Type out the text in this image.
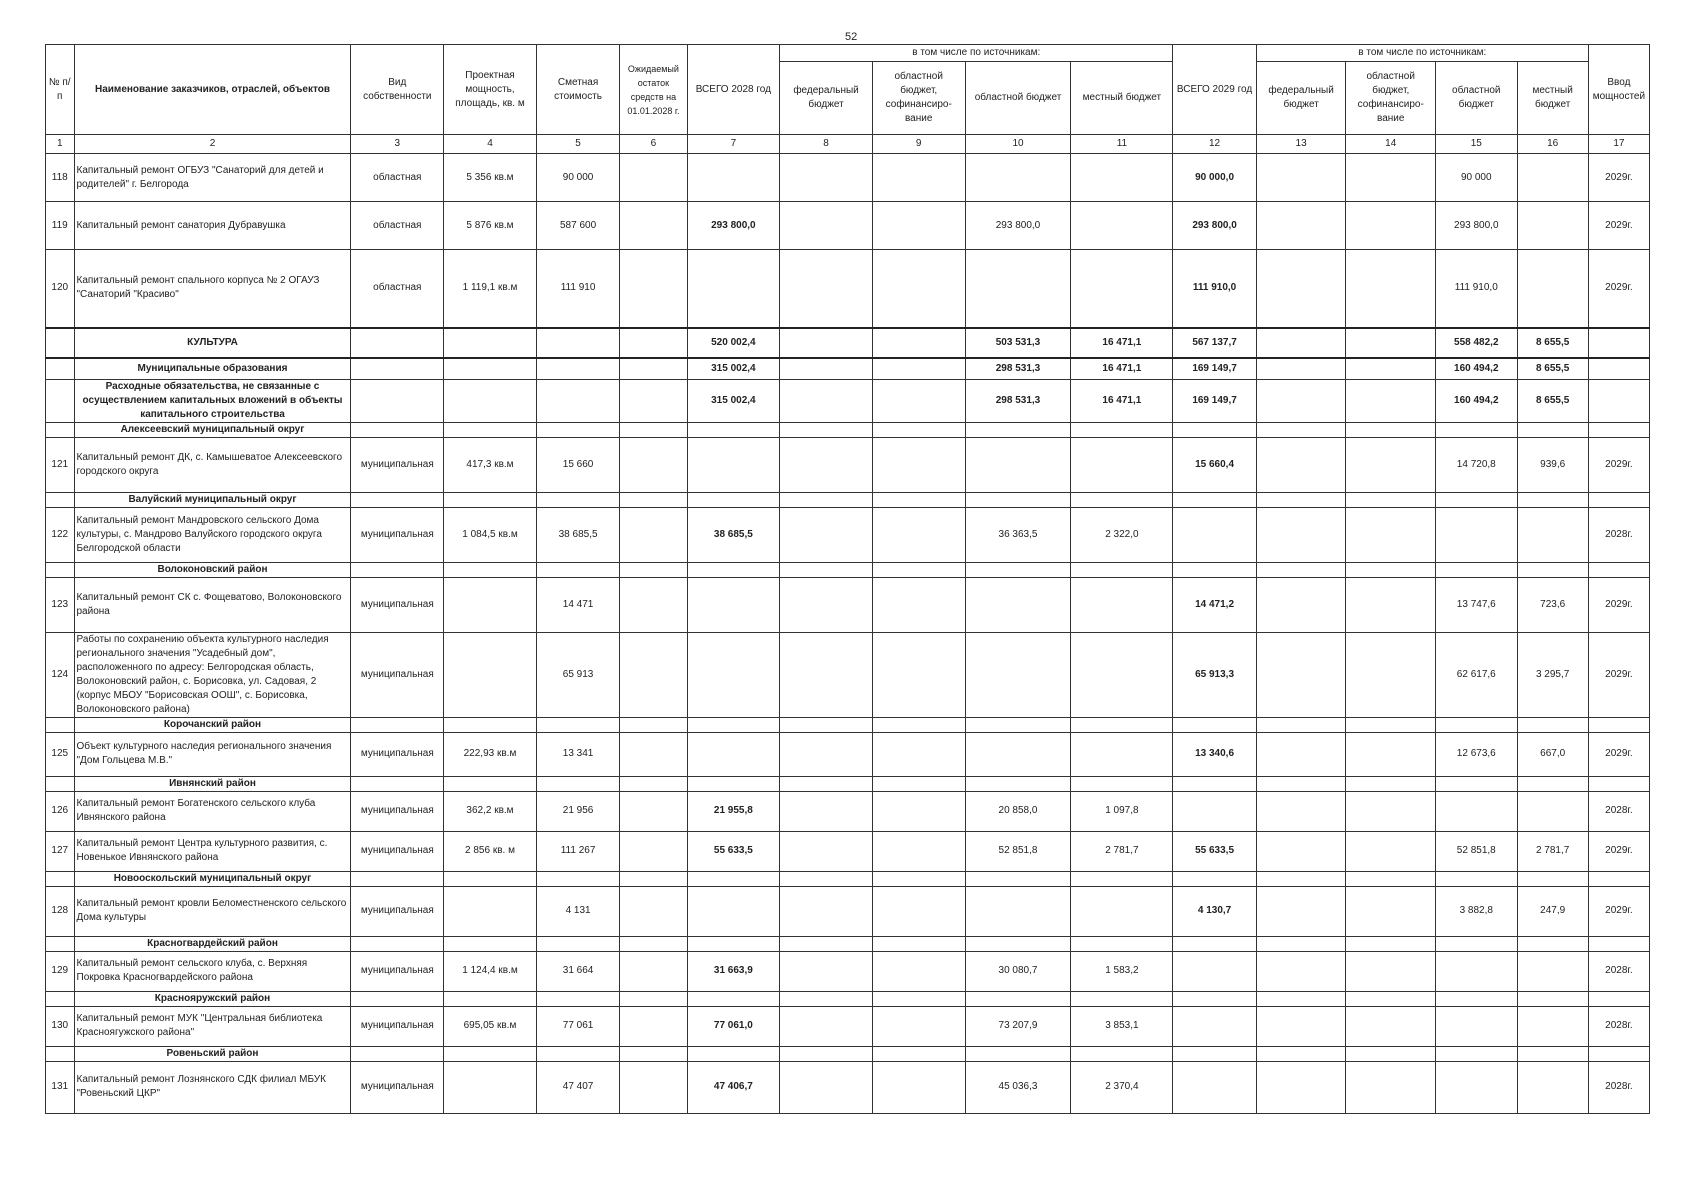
52
№ п/п	Наименование заказчиков, отраслей, объектов	Вид собственности	Проектная мощность, площадь, кв. м	Сметная стоимость	Ожидаемый остаток средств на 01.01.2028 г.	ВСЕГО 2028 год	в том числе по источникам:				ВСЕГО 2029 год	в том числе по источникам:				Ввод мощностей
							федеральный бюджет	областной бюджет, софинансиро- вание	областной бюджет	местный бюджет		федеральный бюджет	областной бюджет, софинансиро- вание	областной бюджет	местный бюджет	
1	2	3	4	5	6	7	8	9	10	11	12	13	14	15	16	17
118	Капитальный ремонт ОГБУЗ "Санаторий для детей и родителей" г. Белгорода	областная	5 356 кв.м	90 000							90 000,0			90 000		2029г.
119	Капитальный ремонт санатория Дубравушка	областная	5 876 кв.м	587 600		293 800,0			293 800,0		293 800,0			293 800,0		2029г.
120	Капитальный ремонт спального корпуса № 2 ОГАУЗ "Санаторий "Красиво"	областная	1 119,1 кв.м	111 910							111 910,0			111 910,0		2029г.
	КУЛЬТУРА					520 002,4			503 531,3	16 471,1	567 137,7			558 482,2	8 655,5	
	Муниципальные образования					315 002,4			298 531,3	16 471,1	169 149,7			160 494,2	8 655,5	
	Расходные обязательства, не связанные с осуществлением капитальных вложений в объекты капитального строительства					315 002,4			298 531,3	16 471,1	169 149,7			160 494,2	8 655,5	
	Алексеевский муниципальный округ															
121	Капитальный ремонт ДК, с. Камышеватое Алексеевского городского округа	муниципальная	417,3 кв.м	15 660							15 660,4			14 720,8	939,6	2029г.
	Валуйский муниципальный округ															
122	Капитальный ремонт Мандровского сельского Дома культуры, с. Мандрово Валуйского городского округа Белгородской области	муниципальная	1 084,5 кв.м	38 685,5		38 685,5			36 363,5	2 322,0						2028г.
	Волоконовский район															
123	Капитальный ремонт СК с. Фощеватово, Волоконовского района	муниципальная		14 471							14 471,2			13 747,6	723,6	2029г.
124	Работы по сохранению объекта культурного наследия регионального значения "Усадебный дом", расположенного по адресу: Белгородская область, Волоконовский район, с. Борисовка, ул. Садовая, 2 (корпус МБОУ "Борисовская ООШ", с. Борисовка, Волоконовского района)	муниципальная		65 913							65 913,3			62 617,6	3 295,7	2029г.
	Корочанский район															
125	Объект культурного наследия регионального значения "Дом Гольцева М.В."	муниципальная	222,93 кв.м	13 341							13 340,6			12 673,6	667,0	2029г.
	Ивнянский район															
126	Капитальный ремонт Богатенского сельского клуба Ивнянского района	муниципальная	362,2 кв.м	21 956		21 955,8			20 858,0	1 097,8						2028г.
127	Капитальный ремонт Центра культурного развития, с. Новенькое Ивнянского района	муниципальная	2 856 кв. м	111 267		55 633,5			52 851,8	2 781,7	55 633,5			52 851,8	2 781,7	2029г.
	Новооскольский муниципальный округ															
128	Капитальный ремонт кровли Беломестненского сельского Дома культуры	муниципальная		4 131							4 130,7			3 882,8	247,9	2029г.
	Красногвардейский район															
129	Капитальный ремонт сельского клуба, с. Верхняя Покровка Красногвардейского района	муниципальная	1 124,4 кв.м	31 664		31 663,9			30 080,7	1 583,2						2028г.
	Краснояружский район															
130	Капитальный ремонт МУК "Центральная библиотека Красноягужского района"	муниципальная	695,05 кв.м	77 061		77 061,0			73 207,9	3 853,1						2028г.
	Ровеньский район															
131	Капитальный ремонт Лознянского СДК филиал МБУК "Ровеньский ЦКР"	муниципальная		47 407		47 406,7			45 036,3	2 370,4						2028г.
